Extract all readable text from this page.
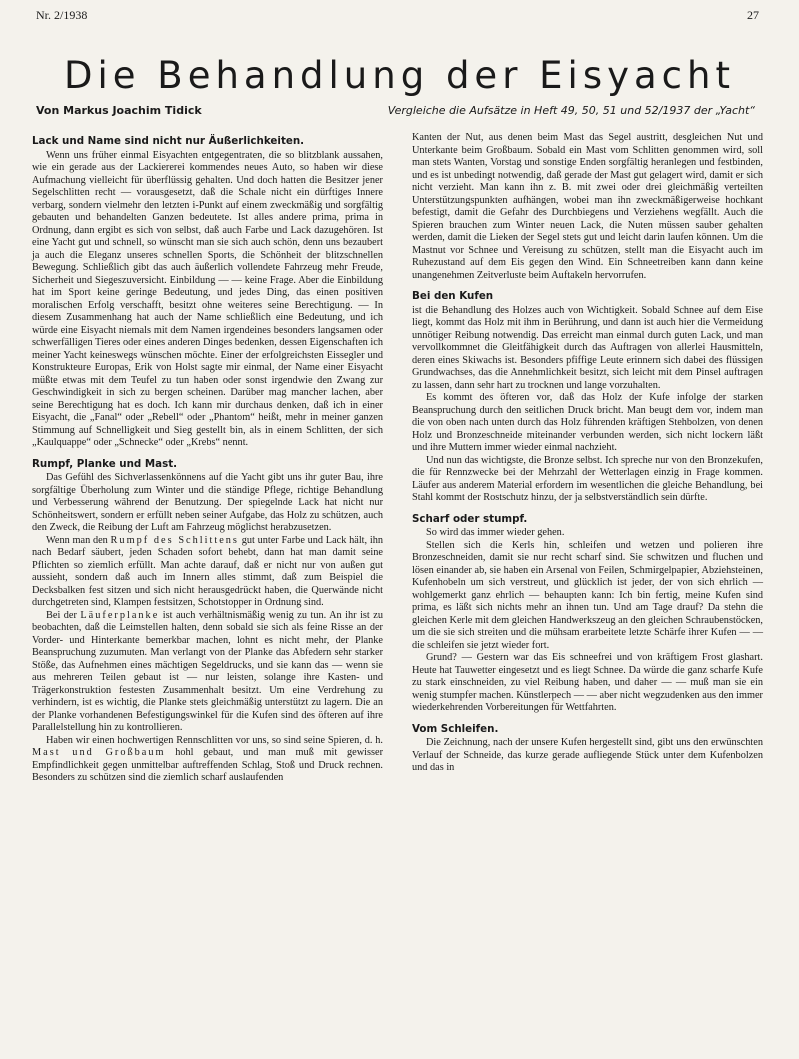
Nr. 2/1938	27
Die Behandlung der Eisyacht
Von Markus Joachim Tidick	Vergleiche die Aufsätze in Heft 49, 50, 51 und 52/1937 der „Yacht“
Lack und Name sind nicht nur Äußerlichkeiten.

Wenn uns früher einmal Eisyachten entgegentraten, die so blitzblank aussahen, wie ein gerade aus der Lackiererei kommendes neues Auto, so haben wir diese Aufmachung vielleicht für überflüssig gehalten. Und doch hatten die Besitzer jener Segelschlitten recht — vorausgesetzt, daß die Schale nicht ein dürftiges Innere verbarg, sondern vielmehr den letzten i-Punkt auf einem zweckmäßig und sorgfältig gebauten und behandelten Ganzen bedeutete. Ist alles andere prima, prima in Ordnung, dann ergibt es sich von selbst, daß auch Farbe und Lack dazugehören. Ist eine Yacht gut und schnell, so wünscht man sie sich auch schön, denn uns bezaubert ja auch die Eleganz unseres schnellen Sports, die Schönheit der blitzschnellen Bewegung. Schließlich gibt das auch äußerlich vollendete Fahrzeug mehr Freude, Sicherheit und Siegeszuversicht. Einbildung — — keine Frage. Aber die Einbildung hat im Sport keine geringe Bedeutung, und jedes Ding, das einen positiven moralischen Erfolg verschafft, besitzt ohne weiteres seine Berechtigung. — In diesem Zusammenhang hat auch der Name schließlich eine Bedeutung, und ich würde eine Eisyacht niemals mit dem Namen irgendeines besonders langsamen oder schwerfälligen Tieres oder eines anderen Dinges bedenken, dessen Eigenschaften ich meiner Yacht keineswegs wünschen möchte. Einer der erfolgreichsten Eissegler und Konstrukteure Europas, Erik von Holst sagte mir einmal, der Name einer Eisyacht müßte etwas mit dem Teufel zu tun haben oder sonst irgendwie den Zwang zur Geschwindigkeit in sich zu bergen scheinen. Darüber mag mancher lachen, aber seine Berechtigung hat es doch. Ich kann mir durchaus denken, daß ich in einer Eisyacht, die „Fanal“ oder „Rebell“ oder „Phantom“ heißt, mehr in meiner ganzen Stimmung auf Schnelligkeit und Sieg gestellt bin, als in einem Schlitten, der sich „Kaulquappe“ oder „Schnecke“ oder „Krebs“ nennt.

Rumpf, Planke und Mast.

Das Gefühl des Sichverlassenkönnens auf die Yacht gibt uns ihr guter Bau, ihre sorgfältige Überholung zum Winter und die ständige Pflege, richtige Behandlung und Verbesserung während der Benutzung. Der spiegelnde Lack hat nicht nur Schönheitswert, sondern er erfüllt neben seiner Aufgabe, das Holz zu schützen, auch den Zweck, die Reibung der Luft am Fahrzeug möglichst herabzusetzen.

Wenn man den Rumpf des Schlittens gut unter Farbe und Lack hält, ihn nach Bedarf säubert, jeden Schaden sofort behebt, dann hat man damit seine Pflichten so ziemlich erfüllt. Man achte darauf, daß er nicht nur von außen gut aussieht, sondern daß auch im Innern alles stimmt, daß zum Beispiel die Decksbalken fest sitzen und sich nicht herausgedrückt haben, die Querwände nicht durchgetreten sind, Klampen festsitzen, Schotstopper in Ordnung sind.

Bei der Läuferplanke ist auch verhältnismäßig wenig zu tun. An ihr ist zu beobachten, daß die Leimstellen halten, denn sobald sie sich als feine Risse an der Vorder- und Hinterkante bemerkbar machen, lohnt es nicht mehr, der Planke Beanspruchung zuzumuten. Man verlangt von der Planke das Abfedern sehr starker Stöße, das Aufnehmen eines mächtigen Segeldrucks, und sie kann das — wenn sie aus mehreren Teilen gebaut ist — nur leisten, solange ihre Kasten- und Trägerkonstruktion festesten Zusammenhalt besitzt. Um eine Verdrehung zu verhindern, ist es wichtig, die Planke stets gleichmäßig unterstützt zu lagern. Die an der Planke vorhandenen Befestigungswinkel für die Kufen sind des öfteren auf ihre Parallelstellung hin zu kontrollieren.

Haben wir einen hochwertigen Rennschlitten vor uns, so sind seine Spieren, d. h. Mast und Großbaum hohl gebaut, und man muß mit gewisser Empfindlichkeit gegen unmittelbar auftreffenden Schlag, Stoß und Druck rechnen. Besonders zu schützen sind die ziemlich scharf auslaufenden

Kanten der Nut, aus denen beim Mast das Segel austritt, desgleichen Nut und Unterkante beim Großbaum. Sobald ein Mast vom Schlitten genommen wird, soll man stets Wanten, Vorstag und sonstige Enden sorgfältig heranlegen und festbinden, und es ist unbedingt notwendig, daß gerade der Mast gut gelagert wird, damit er sich nicht verzieht. Man kann ihn z. B. mit zwei oder drei gleichmäßig verteilten Unterstützungspunkten aufhängen, wobei man ihn zweckmäßigerweise hochkant befestigt, damit die Gefahr des Durchbiegens und Verziehens wegfällt. Auch die Spieren brauchen zum Winter neuen Lack, die Nuten müssen sauber gehalten werden, damit die Lieken der Segel stets gut und leicht darin laufen können. Um die Mastnut vor Schnee und Vereisung zu schützen, stellt man die Eisyacht auch im Ruhezustand auf dem Eis gegen den Wind. Ein Schneetreiben kann dann keine unangenehmen Zeitverluste beim Auftakeln hervorrufen.

Bei den Kufen

ist die Behandlung des Holzes auch von Wichtigkeit. Sobald Schnee auf dem Eise liegt, kommt das Holz mit ihm in Berührung, und dann ist auch hier die Vermeidung unnötiger Reibung notwendig. Das erreicht man einmal durch guten Lack, und man vervollkommnet die Gleitfähigkeit durch das Auftragen von allerlei Hausmitteln, deren eines Skiwachs ist. Besonders pfiffige Leute erinnern sich dabei des flüssigen Grundwachses, das die Annehmlichkeit besitzt, sich leicht mit dem Pinsel auftragen zu lassen, dann sehr hart zu trocknen und lange vorzuhalten.

Es kommt des öfteren vor, daß das Holz der Kufe infolge der starken Beanspruchung durch den seitlichen Druck bricht. Man beugt dem vor, indem man die von oben nach unten durch das Holz führenden kräftigen Stehbolzen, von denen Holz und Bronzeschneide miteinander verbunden werden, sich nicht lockern läßt und ihre Muttern immer wieder einmal nachzieht.

Und nun das wichtigste, die Bronze selbst. Ich spreche nur von den Bronzekufen, die für Rennzwecke bei der Mehrzahl der Wetterlagen einzig in Frage kommen. Läufer aus anderem Material erfordern im wesentlichen die gleiche Behandlung, bei Stahl kommt der Rostschutz hinzu, der ja selbstverständlich sein dürfte.

Scharf oder stumpf.

So wird das immer wieder gehen.

Stellen sich die Kerls hin, schleifen und wetzen und polieren ihre Bronzeschneiden, damit sie nur recht scharf sind. Sie schwitzen und fluchen und lösen einander ab, sie haben ein Arsenal von Feilen, Schmirgelpapier, Abziehsteinen, Kufenhobeln um sich verstreut, und glücklich ist jeder, der von sich ehrlich — wohlgemerkt ganz ehrlich — behaupten kann: Ich bin fertig, meine Kufen sind prima, es läßt sich nichts mehr an ihnen tun. Und am Tage drauf? Da stehn die gleichen Kerle mit dem gleichen Handwerkszeug an den gleichen Schraubenstöcken, um die sie sich streiten und die mühsam erarbeitete letzte Schärfe ihrer Kufen — — die schleifen sie jetzt wieder fort.

Grund? — Gestern war das Eis schneefrei und von kräftigem Frost glashart. Heute hat Tauwetter eingesetzt und es liegt Schnee. Da würde die ganz scharfe Kufe zu stark einschneiden, zu viel Reibung haben, und daher — — muß man sie ein wenig stumpfer machen. Künstlerpech — — aber nicht wegzudenken aus den immer wiederkehrenden Vorbereitungen für Wettfahrten.

Vom Schleifen.

Die Zeichnung, nach der unsere Kufen hergestellt sind, gibt uns den erwünschten Verlauf der Schneide, das kurze gerade aufliegende Stück unter dem Kufenbolzen und das in
